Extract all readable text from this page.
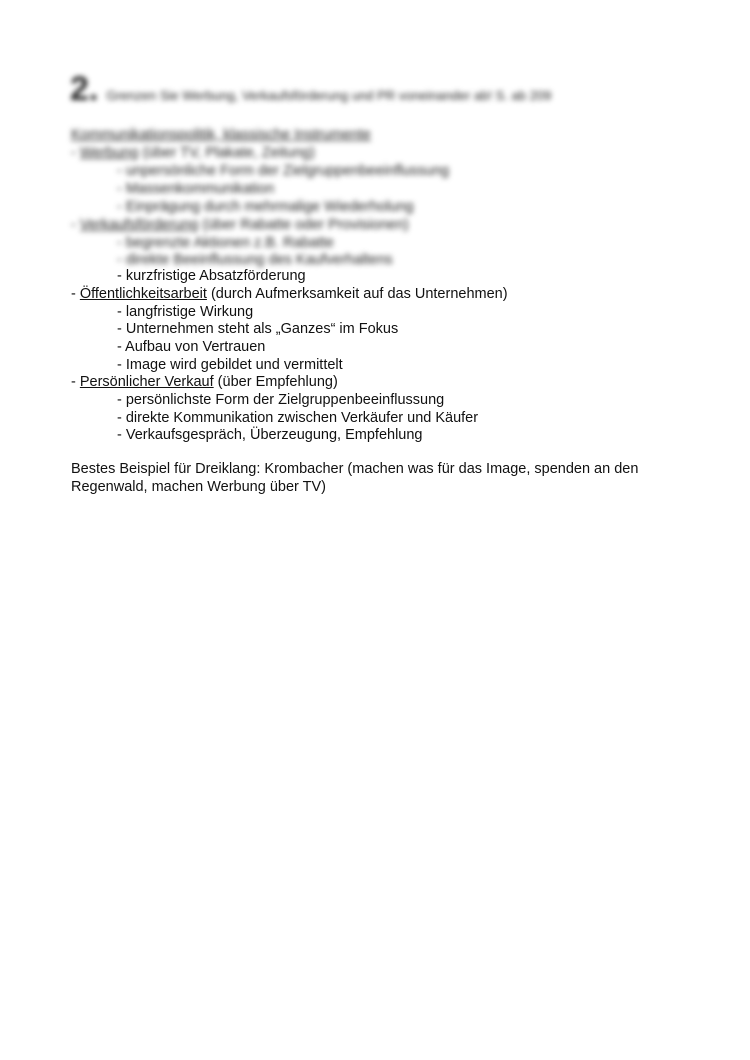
2. Grenzen Sie Werbung, Verkaufsförderung und PR voneinander ab! S. ab 209
Kommunikationspolitik, klassische Instrumente
- Werbung (über TV, Plakate, Zeitung)
- unpersönliche Form der Zielgruppenbeeinflussung
- Massenkommunikation
- Einprägung durch mehrmalige Wiederholung
- Verkaufsförderung (über Rabatte oder Provisionen)
- begrenzte Aktionen z.B. Rabatte
- direkte Beeinflussung des Kaufverhaltens
- kurzfristige Absatzförderung
- Öffentlichkeitsarbeit (durch Aufmerksamkeit auf das Unternehmen)
- langfristige Wirkung
- Unternehmen steht als „Ganzes“ im Fokus
- Aufbau von Vertrauen
- Image wird gebildet und vermittelt
- Persönlicher Verkauf (über Empfehlung)
- persönlichste Form der Zielgruppenbeeinflussung
- direkte Kommunikation zwischen Verkäufer und Käufer
- Verkaufsgespräch, Überzeugung, Empfehlung
Bestes Beispiel für Dreiklang: Krombacher (machen was für das Image, spenden an den Regenwald, machen Werbung über TV)
